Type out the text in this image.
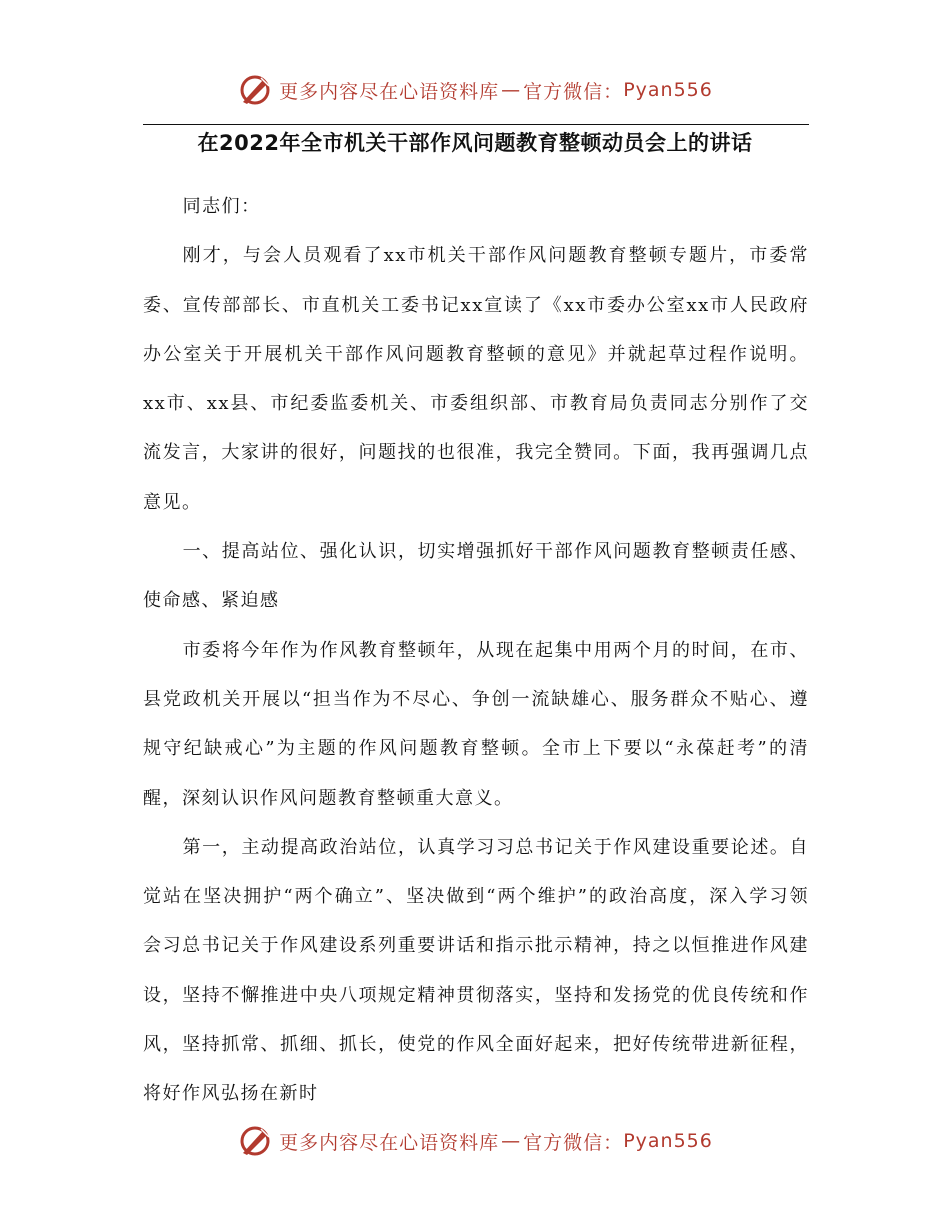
更多内容尽在心语资料库 — 官方微信： Pyan556
在2022年全市机关干部作风问题教育整顿动员会上的讲话

同志们：

刚才，与会人员观看了xx市机关干部作风问题教育整顿专题片，市委常委、宣传部部长、市直机关工委书记xx宣读了《xx市委办公室xx市人民政府办公室关于开展机关干部作风问题教育整顿的意见》并就起草过程作说明。xx市、xx县、市纪委监委机关、市委组织部、市教育局负责同志分别作了交流发言，大家讲的很好，问题找的也很准，我完全赞同。下面，我再强调几点意见。

一、提高站位、强化认识，切实增强抓好干部作风问题教育整顿责任感、使命感、紧迫感

市委将今年作为作风教育整顿年，从现在起集中用两个月的时间，在市、县党政机关开展以“担当作为不尽心、争创一流缺雄心、服务群众不贴心、遵规守纪缺戒心”为主题的作风问题教育整顿。全市上下要以“永葆赶考”的清醒，深刻认识作风问题教育整顿重大意义。

第一，主动提高政治站位，认真学习习总书记关于作风建设重要论述。自觉站在坚决拥护“两个确立”、坚决做到“两个维护”的政治高度，深入学习领会习总书记关于作风建设系列重要讲话和指示批示精神，持之以恒推进作风建设，坚持不懈推进中央八项规定精神贯彻落实，坚持和发扬党的优良传统和作风，坚持抓常、抓细、抓长，使党的作风全面好起来，把好传统带进新征程，将好作风弘扬在新时

更多内容尽在心语资料库 — 官方微信： Pyan556
